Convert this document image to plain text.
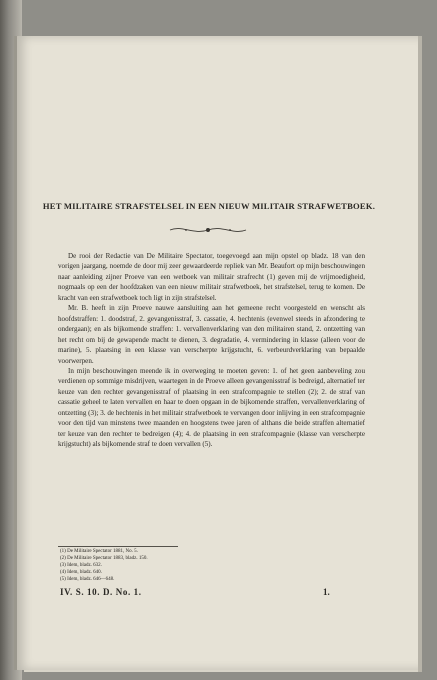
HET MILITAIRE STRAFSTELSEL IN EEN NIEUW MILITAIR STRAFWETBOEK.

De rooi der Redactie van De Militaire Spectator, toegevoegd aan mijn opstel op bladz. 18 van den vorigen jaargang, noemde de door mij zeer gewaardeerde repliek van Mr. Beaufort op mijn beschouwingen naar aanleiding zijner Proeve van een wetboek van militair strafrecht (1) geven mij de vrijmoedigheid, nogmaals op een der hoofdzaken van een nieuw militair strafwetboek, het strafstelsel, terug te komen. De kracht van een strafwetboek toch ligt in zijn strafstelsel.

Mr. B. heeft in zijn Proeve nauwe aansluiting aan het gemeene recht voorgesteld en wenscht als hoofdstraffen: 1. doodstraf, 2. gevangenisstraf, 3. cassatie, 4. hechtenis (evenwel steeds in afzondering te ondergaan); en als bijkomende straffen: 1. vervallenverklaring van den militairen stand, 2. ontzetting van het recht om bij de gewapende macht te dienen, 3. degradatie, 4. vermindering in klasse (alleen voor de marine), 5. plaatsing in een klasse van verscherpte krijgstucht, 6. verbeurdverklaring van bepaalde voorwerpen.

In mijn beschouwingen meende ik in overweging te moeten geven: 1. of het geen aanbeveling zou verdienen op sommige misdrijven, waartegen in de Proeve alleen gevangenisstraf is bedreigd, alternatief ter keuze van den rechter gevangenisstraf of plaatsing in een strafcompagnie te stellen (2); 2. de straf van cassatie geheel te laten vervallen en haar te doen opgaan in de bijkomende straffen, vervallenverklaring of ontzetting (3); 3. de hechtenis in het militair strafwetboek te vervangen door inlijving in een strafcompagnie voor den tijd van minstens twee maanden en hoogstens twee jaren of althans die beide straffen alternatief ter keuze van den rechter te bedreigen (4); 4. de plaatsing in een strafcompagnie (klasse van verscherpte krijgstucht) als bijkomende straf te doen vervallen (5).

(1) De Militaire Spectator 1881, No. 5.
(2) De Militaire Spectator 1883, bladz. 150.
(3) Idem, bladz. 632.
(4) Idem, bladz. 640.
(5) Idem, bladz. 646—648.
IV. S. 10. D. No. 1.	1.
